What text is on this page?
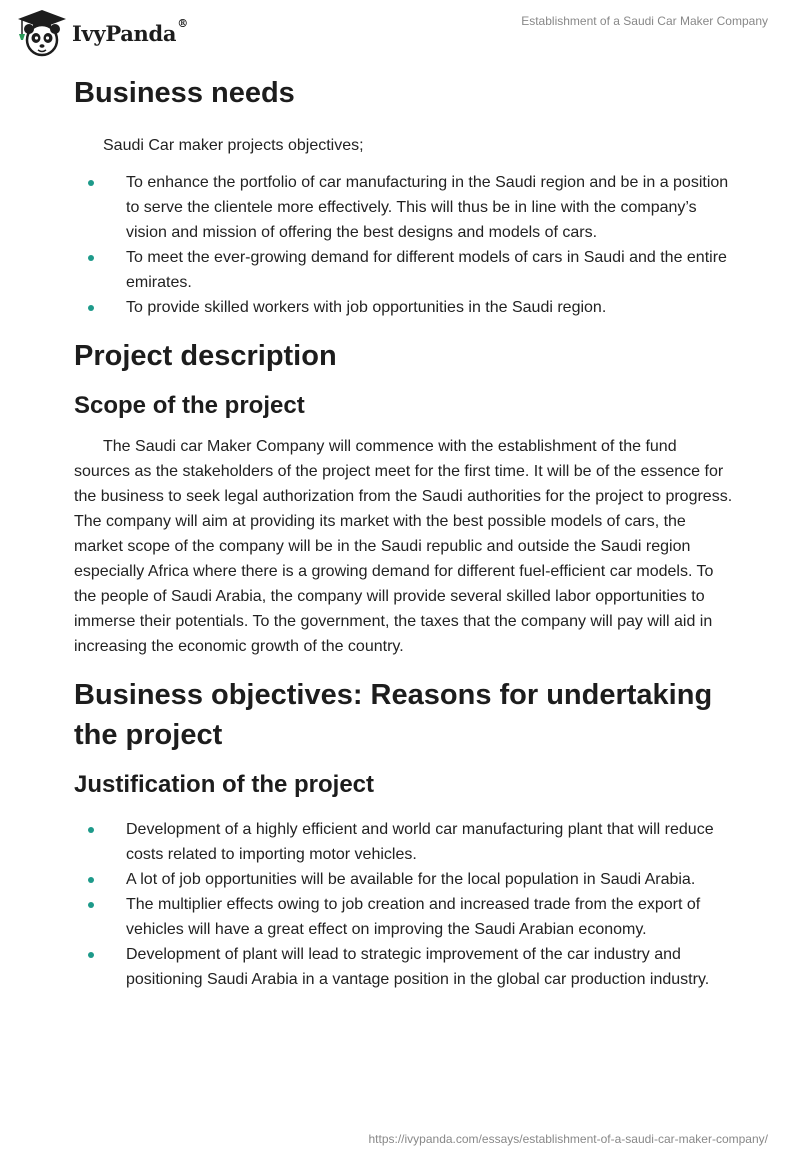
IvyPanda®	Establishment of a Saudi Car Maker Company
Business needs

Saudi Car maker projects objectives;

To enhance the portfolio of car manufacturing in the Saudi region and be in a position to serve the clientele more effectively. This will thus be in line with the company’s vision and mission of offering the best designs and models of cars.
To meet the ever-growing demand for different models of cars in Saudi and the entire emirates.
To provide skilled workers with job opportunities in the Saudi region.
Project description
Scope of the project

The Saudi car Maker Company will commence with the establishment of the fund sources as the stakeholders of the project meet for the first time. It will be of the essence for the business to seek legal authorization from the Saudi authorities for the project to progress. The company will aim at providing its market with the best possible models of cars, the market scope of the company will be in the Saudi republic and outside the Saudi region especially Africa where there is a growing demand for different fuel-efficient car models. To the people of Saudi Arabia, the company will provide several skilled labor opportunities to immerse their potentials. To the government, the taxes that the company will pay will aid in increasing the economic growth of the country.

Business objectives: Reasons for undertaking the project
Justification of the project
Development of a highly efficient and world car manufacturing plant that will reduce costs related to importing motor vehicles.
A lot of job opportunities will be available for the local population in Saudi Arabia.
The multiplier effects owing to job creation and increased trade from the export of vehicles will have a great effect on improving the Saudi Arabian economy.
Development of plant will lead to strategic improvement of the car industry and positioning Saudi Arabia in a vantage position in the global car production industry.
https://ivypanda.com/essays/establishment-of-a-saudi-car-maker-company/
